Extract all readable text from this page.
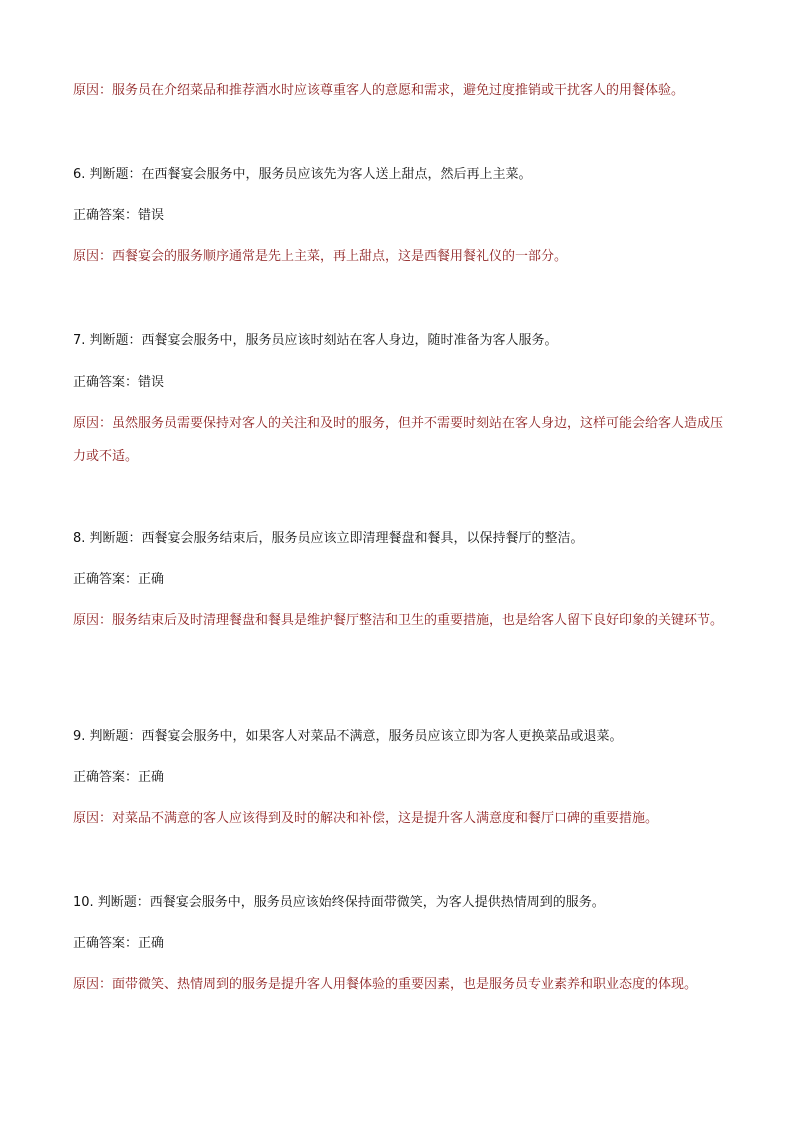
原因：服务员在介绍菜品和推荐酒水时应该尊重客人的意愿和需求，避免过度推销或干扰客人的用餐体验。
6. 判断题：在西餐宴会服务中，服务员应该先为客人送上甜点，然后再上主菜。
正确答案：错误
原因：西餐宴会的服务顺序通常是先上主菜，再上甜点，这是西餐用餐礼仪的一部分。
7. 判断题：西餐宴会服务中，服务员应该时刻站在客人身边，随时准备为客人服务。
正确答案：错误
原因：虽然服务员需要保持对客人的关注和及时的服务，但并不需要时刻站在客人身边，这样可能会给客人造成压力或不适。
8. 判断题：西餐宴会服务结束后，服务员应该立即清理餐盘和餐具，以保持餐厅的整洁。
正确答案：正确
原因：服务结束后及时清理餐盘和餐具是维护餐厅整洁和卫生的重要措施，也是给客人留下良好印象的关键环节。
9. 判断题：西餐宴会服务中，如果客人对菜品不满意，服务员应该立即为客人更换菜品或退菜。
正确答案：正确
原因：对菜品不满意的客人应该得到及时的解决和补偿，这是提升客人满意度和餐厅口碑的重要措施。
10. 判断题：西餐宴会服务中，服务员应该始终保持面带微笑，为客人提供热情周到的服务。
正确答案：正确
原因：面带微笑、热情周到的服务是提升客人用餐体验的重要因素，也是服务员专业素养和职业态度的体现。
